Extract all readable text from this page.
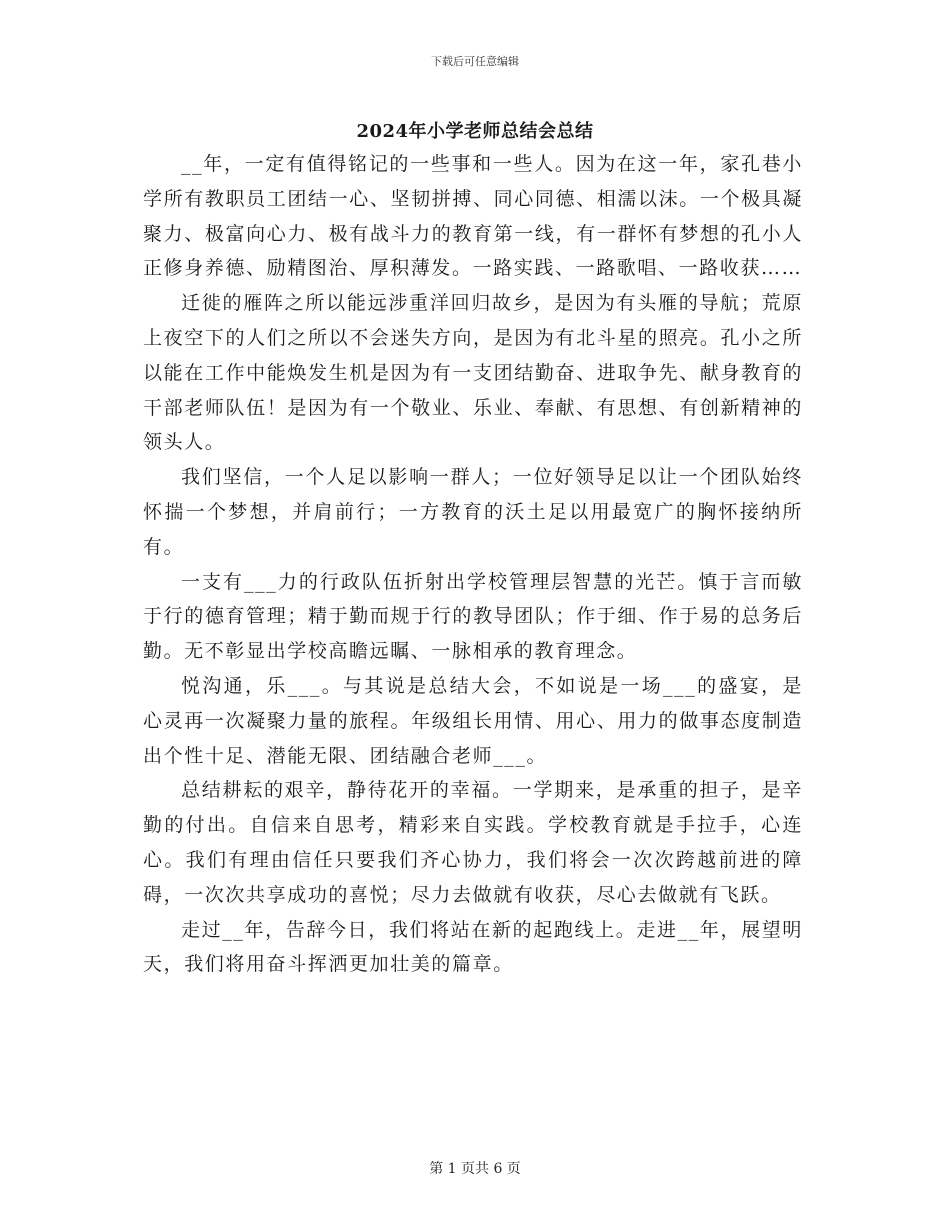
下载后可任意编辑
2024年小学老师总结会总结

__年，一定有值得铭记的一些事和一些人。因为在这一年，家孔巷小学所有教职员工团结一心、坚韧拼搏、同心同德、相濡以沫。一个极具凝聚力、极富向心力、极有战斗力的教育第一线，有一群怀有梦想的孔小人正修身养德、励精图治、厚积薄发。一路实践、一路歌唱、一路收获……

迁徙的雁阵之所以能远涉重洋回归故乡，是因为有头雁的导航；荒原上夜空下的人们之所以不会迷失方向，是因为有北斗星的照亮。孔小之所以能在工作中能焕发生机是因为有一支团结勤奋、进取争先、献身教育的干部老师队伍！是因为有一个敬业、乐业、奉献、有思想、有创新精神的领头人。

我们坚信，一个人足以影响一群人；一位好领导足以让一个团队始终怀揣一个梦想，并肩前行；一方教育的沃土足以用最宽广的胸怀接纳所有。

一支有___力的行政队伍折射出学校管理层智慧的光芒。慎于言而敏于行的德育管理；精于勤而规于行的教导团队；作于细、作于易的总务后勤。无不彰显出学校高瞻远瞩、一脉相承的教育理念。

悦沟通，乐___。与其说是总结大会，不如说是一场___的盛宴，是心灵再一次凝聚力量的旅程。年级组长用情、用心、用力的做事态度制造出个性十足、潜能无限、团结融合老师___。

总结耕耘的艰辛，静待花开的幸福。一学期来，是承重的担子，是辛勤的付出。自信来自思考，精彩来自实践。学校教育就是手拉手，心连心。我们有理由信任只要我们齐心协力，我们将会一次次跨越前进的障碍，一次次共享成功的喜悦；尽力去做就有收获，尽心去做就有飞跃。

走过__年，告辞今日，我们将站在新的起跑线上。走进__年，展望明天，我们将用奋斗挥洒更加壮美的篇章。

第 1 页共 6 页
